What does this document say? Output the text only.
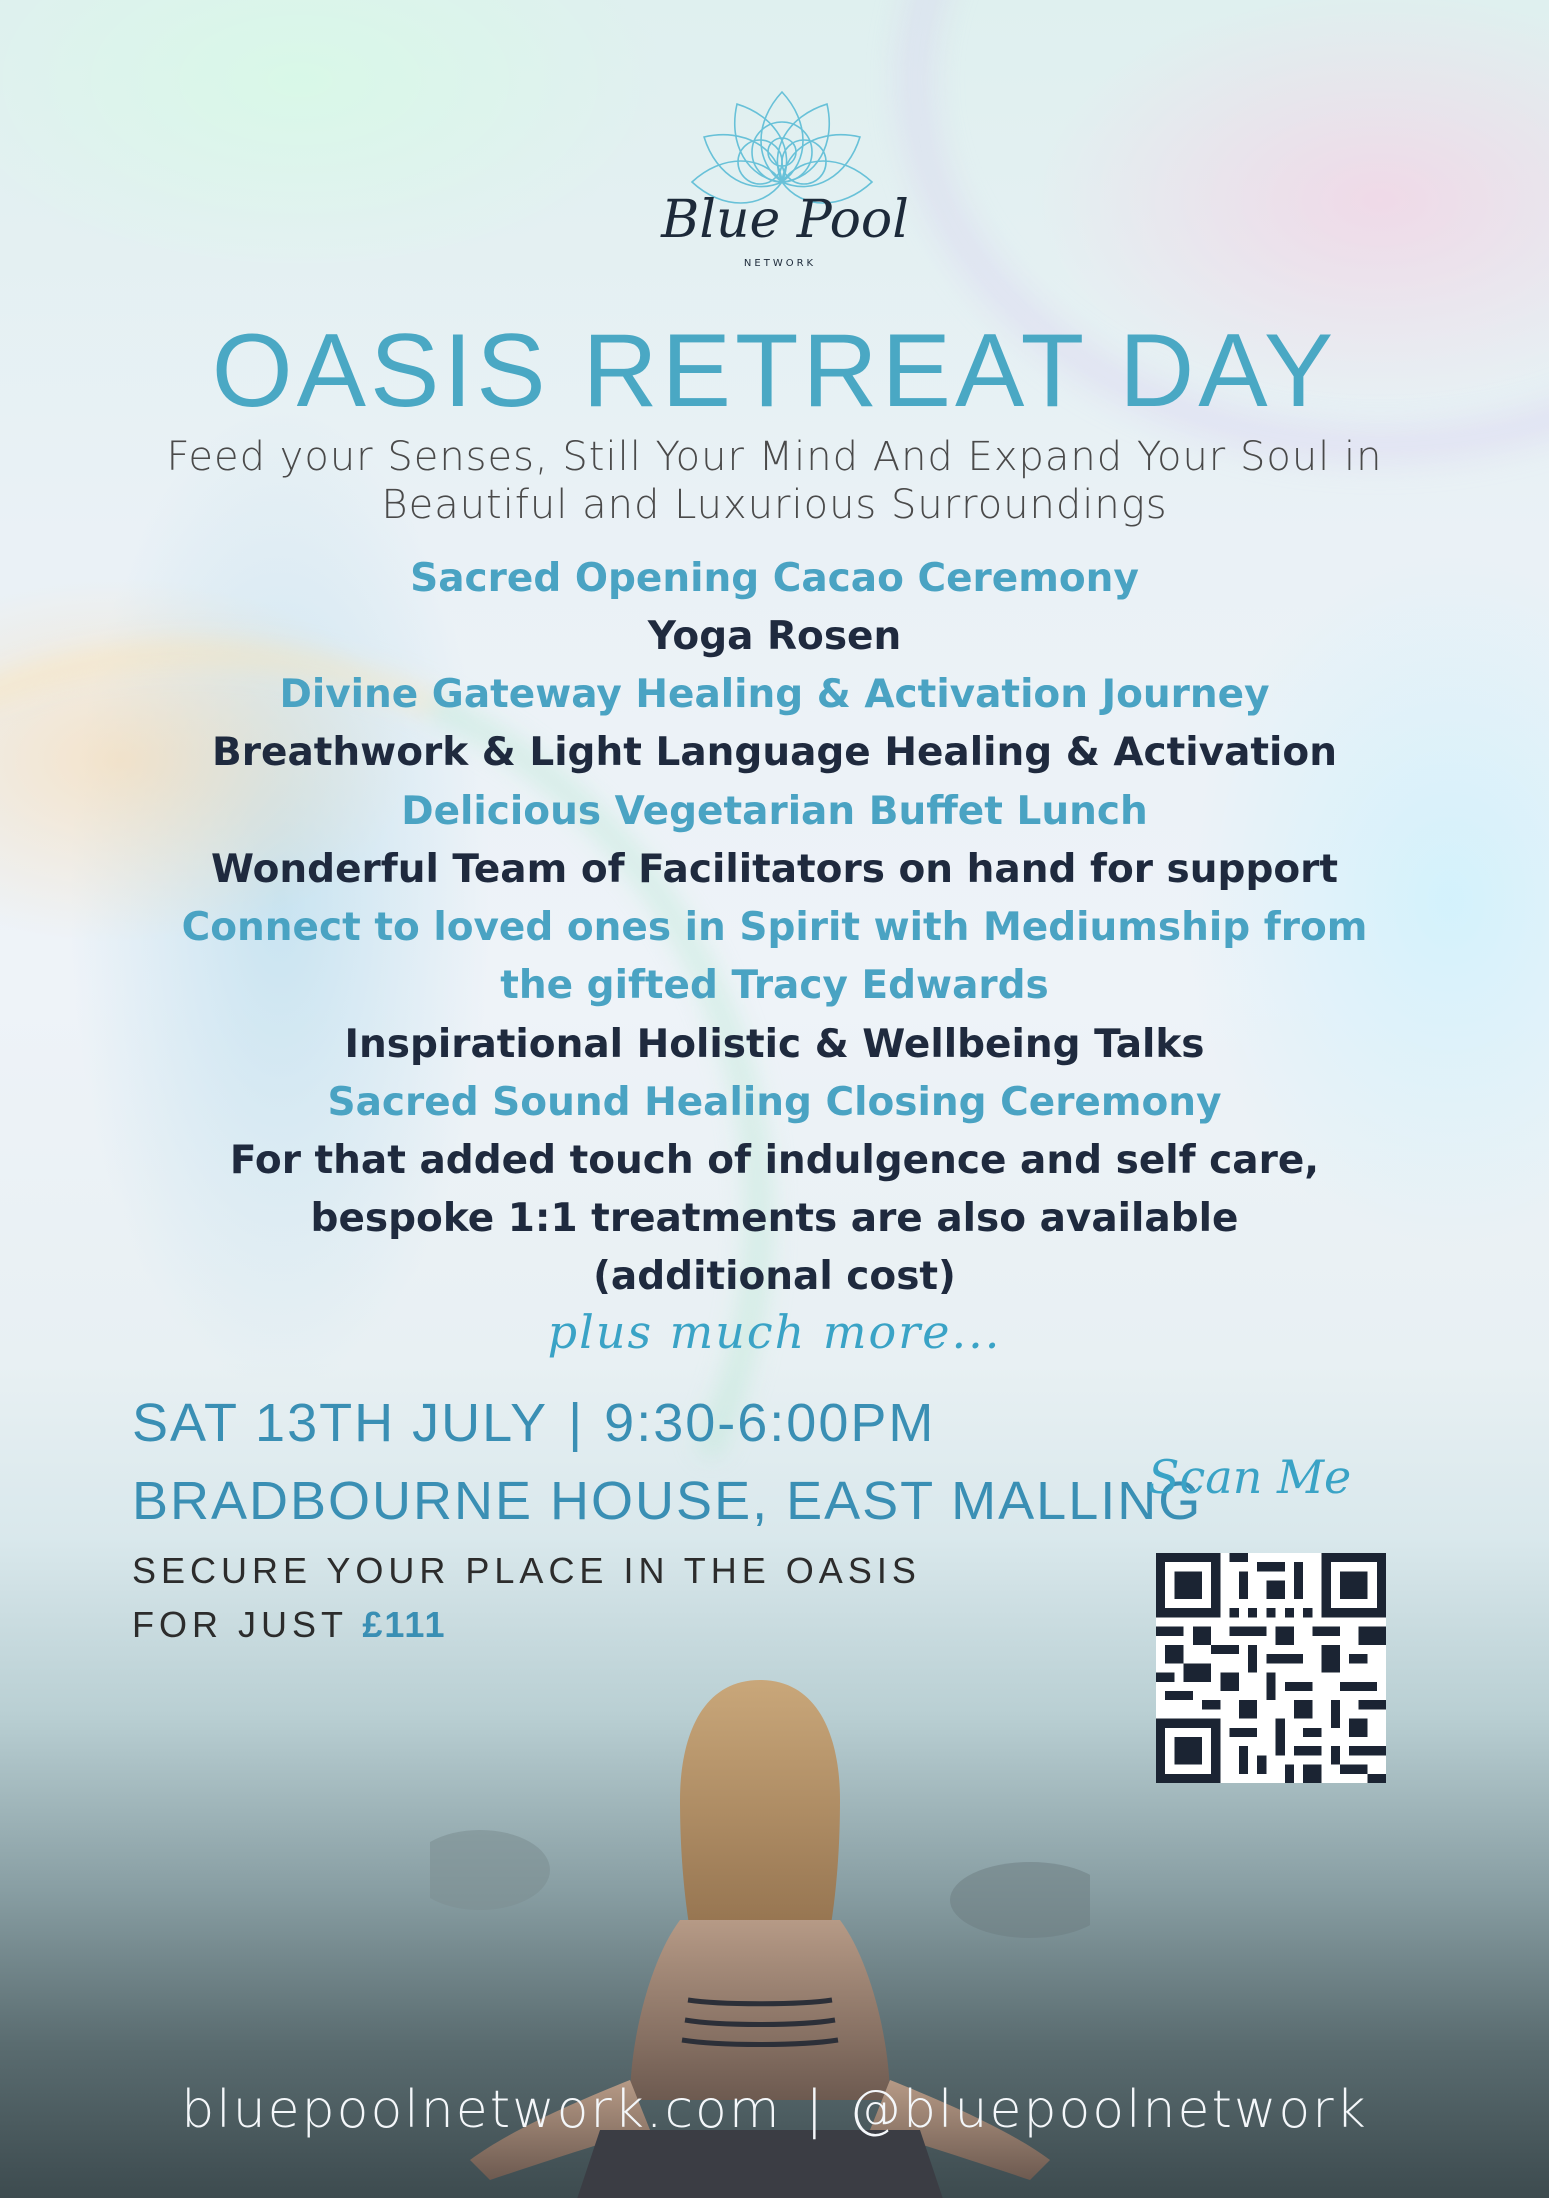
Blue Pool
NETWORK
OASIS RETREAT DAY
Feed your Senses, Still Your Mind And Expand Your Soul in
Beautiful and Luxurious Surroundings
Sacred Opening Cacao Ceremony
Yoga Rosen
Divine Gateway Healing & Activation Journey
Breathwork & Light Language Healing & Activation
Delicious Vegetarian Buffet Lunch
Wonderful Team of Facilitators on hand for support
Connect to loved ones in Spirit with Mediumship from
the gifted Tracy Edwards
Inspirational Holistic & Wellbeing Talks
Sacred Sound Healing Closing Ceremony
For that added touch of indulgence and self care,
bespoke 1:1 treatments are also available
(additional cost)
plus much more...
SAT 13TH JULY | 9:30-6:00PM
BRADBOURNE HOUSE, EAST MALLING
SECURE YOUR PLACE IN THE OASIS
FOR JUST £111
Scan Me
bluepoolnetwork.com | @bluepoolnetwork
